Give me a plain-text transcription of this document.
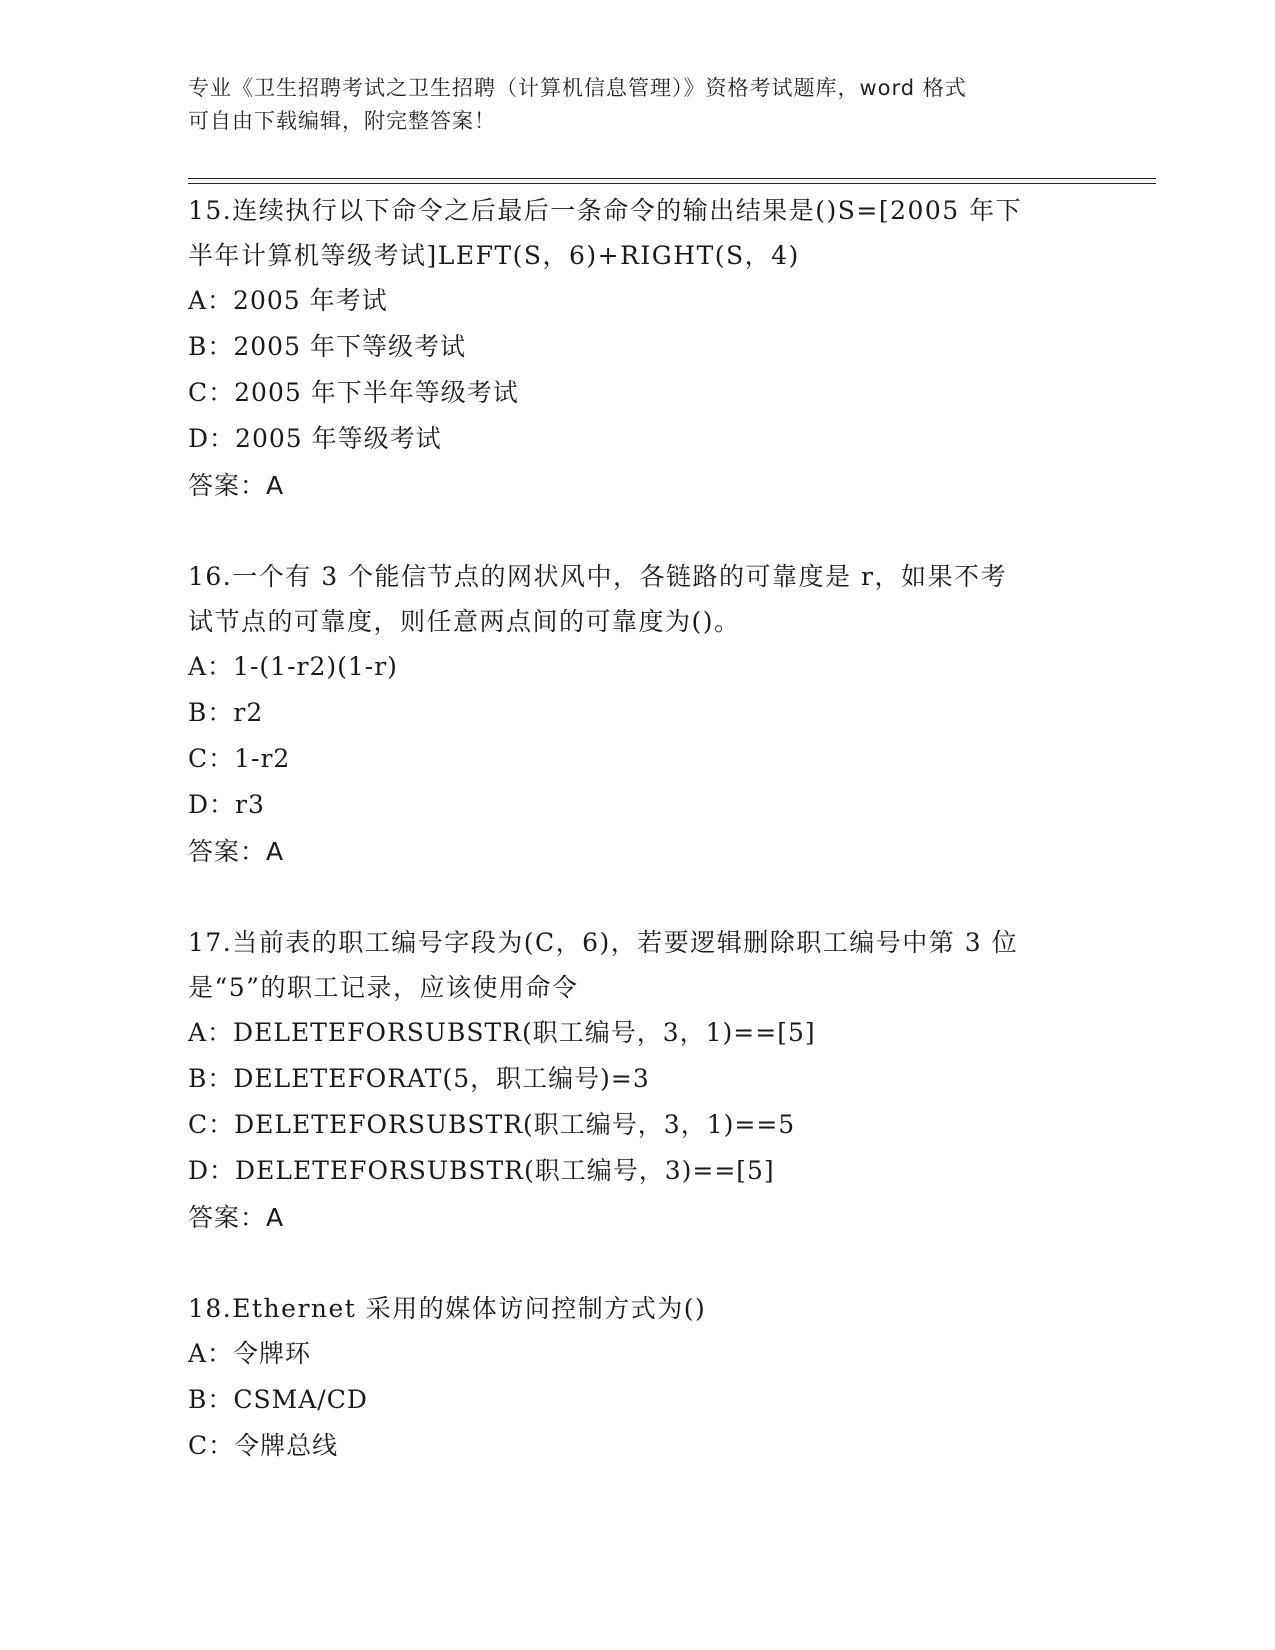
专业《卫生招聘考试之卫生招聘（计算机信息管理）》资格考试题库，word 格式
可自由下载编辑，附完整答案！
15.连续执行以下命令之后最后一条命令的输出结果是()S=[2005 年下
半年计算机等级考试]LEFT(S，6)+RIGHT(S，4)
A：2005 年考试
B：2005 年下等级考试
C：2005 年下半年等级考试
D：2005 年等级考试
答案：A
16.一个有 3 个能信节点的网状风中，各链路的可靠度是 r，如果不考
试节点的可靠度，则任意两点间的可靠度为()。
A：1-(1-r2)(1-r)
B：r2
C：1-r2
D：r3
答案：A
17.当前表的职工编号字段为(C，6)，若要逻辑删除职工编号中第 3 位
是“5”的职工记录，应该使用命令
A：DELETEFORSUBSTR(职工编号，3，1)==[5]
B：DELETEFORAT(5，职工编号)=3
C：DELETEFORSUBSTR(职工编号，3，1)==5
D：DELETEFORSUBSTR(职工编号，3)==[5]
答案：A
18.Ethernet 采用的媒体访问控制方式为()
A：令牌环
B：CSMA/CD
C：令牌总线
